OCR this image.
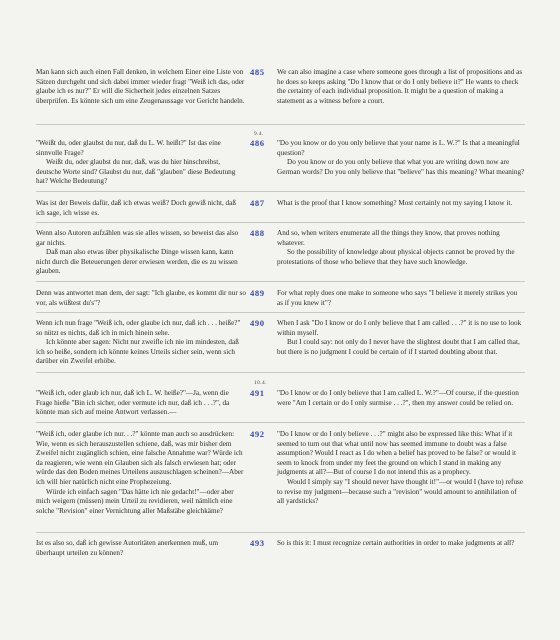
Man kann sich auch einen Fall denken, in welchem Einer eine Liste von Sätzen durchgeht und sich dabei immer wieder fragt "Weiß ich das, oder glaube ich es nur?" Er will die Sicherheit jedes einzelnen Satzes überprüfen. Es könnte sich um eine Zeugenaussage vor Gericht handeln.

485	We can also imagine a case where someone goes through a list of propositions and as he does so keeps asking "Do I know that or do I only believe it?" He wants to check the certainty of each individual proposition. It might be a question of making a statement as a witness before a court.

9.4.

"Weißt du, oder glaubst du nur, daß du L. W. heißt?" Ist das eine sinnvolle Frage?

Weißt du, oder glaubst du nur, daß, was du hier hinschreibst, deutsche Worte sind? Glaubst du nur, daß "glauben" diese Bedeutung hat? Welche Bedeutung?

486	"Do you know or do you only believe that your name is L. W.?" Is that a meaningful question?

Do you know or do you only believe that what you are writing down now are German words? Do you only believe that "believe" has this meaning? What meaning?

Was ist der Beweis dafür, daß ich etwas weiß? Doch gewiß nicht, daß ich sage, ich wisse es.

487	What is the proof that I know something? Most certainly not my saying I know it.

Wenn also Autoren aufzählen was sie alles wissen, so beweist das also gar nichts.

Daß man also etwas über physikalische Dinge wissen kann, kann nicht durch die Beteuerungen derer erwiesen werden, die es zu wissen glauben.

488	And so, when writers enumerate all the things they know, that proves nothing whatever.

So the possibility of knowledge about physical objects cannot be proved by the protestations of those who believe that they have such knowledge.

Denn was antwortet man dem, der sagt: "Ich glaube, es kommt dir nur so vor, als wüßtest du's"?

489	For what reply does one make to someone who says "I believe it merely strikes you as if you knew it"?

Wenn ich nun frage "Weiß ich, oder glaube ich nur, daß ich . . . heiße?" so nützt es nichts, daß ich in mich hinein sehe.

Ich könnte aber sagen: Nicht nur zweifle ich nie im mindesten, daß ich so heiße, sondern ich könnte keines Urteils sicher sein, wenn sich darüber ein Zweifel erhöbe.

490	When I ask "Do I know or do I only believe that I am called . . .?" it is no use to look within myself.

But I could say: not only do I never have the slightest doubt that I am called that, but there is no judgment I could be certain of if I started doubting about that.

10.4.

"Weiß ich, oder glaub ich nur, daß ich L. W. heiße?"—Ja, wenn die Frage hieße "Bin ich sicher, oder vermute ich nur, daß ich . . .?", da könnte man sich auf meine Antwort verlassen.—

491	"Do I know or do I only believe that I am called L. W.?"—Of course, if the question were "Am I certain or do I only surmise . . .?", then my answer could be relied on.

"Weiß ich, oder glaube ich nur. . .?" könnte man auch so ausdrücken: Wie, wenn es sich herauszustellen schiene, daß, was mir bisher dem Zweifel nicht zugänglich schien, eine falsche Annahme war? Würde ich da reagieren, wie wenn ein Glauben sich als falsch erwiesen hat; oder würde das den Boden meines Urteilens auszuschlagen scheinen?—Aber ich will hier natürlich nicht eine Prophezeiung.

Würde ich einfach sagen "Das hätte ich nie gedacht!"—oder aber mich weigern (müssen) mein Urteil zu revidieren, weil nämlich eine solche "Revision" einer Vernichtung aller Maßstäbe gleichkäme?

492	"Do I know or do I only believe . . .?" might also be expressed like this: What if it seemed to turn out that what until now has seemed immune to doubt was a false assumption? Would I react as I do when a belief has proved to be false? or would it seem to knock from under my feet the ground on which I stand in making any judgments at all?—But of course I do not intend this as a prophecy.

Would I simply say "I should never have thought it!"—or would I (have to) refuse to revise my judgment—because such a "revision" would amount to annihilation of all yardsticks?

Ist es also so, daß ich gewisse Autoritäten anerkennen muß, um überhaupt urteilen zu können?

493	So is this it: I must recognize certain authorities in order to make judgments at all?
